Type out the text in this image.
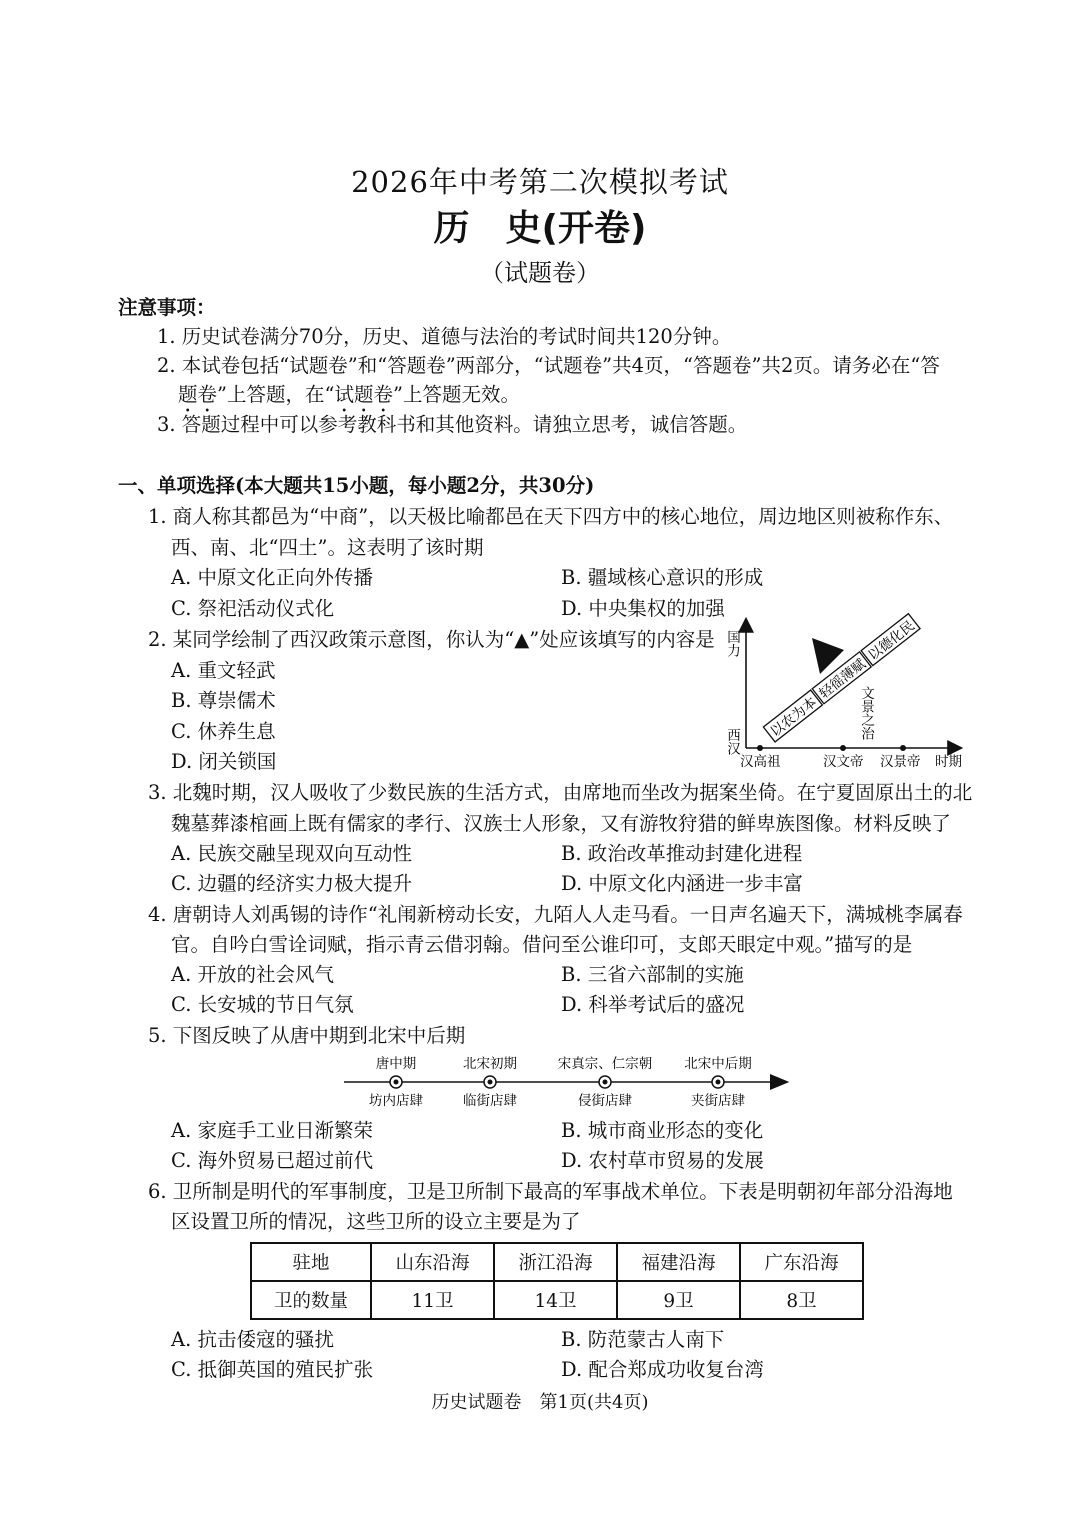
2026年中考第二次模拟考试
历　史(开卷)
（试题卷）
注意事项：
1. 历史试卷满分70分，历史、道德与法治的考试时间共120分钟。
2. 本试卷包括“试题卷”和“答题卷”两部分，“试题卷”共4页，“答题卷”共2页。请务必在“答
题卷”上答题，在“试题卷”上答题无效。
3. 答题过程中可以参考教科书和其他资料。请独立思考，诚信答题。
一、单项选择(本大题共15小题，每小题2分，共30分)
1. 商人称其都邑为“中商”，以天极比喻都邑在天下四方中的核心地位，周边地区则被称作东、
西、南、北“四土”。这表明了该时期
A. 中原文化正向外传播	B. 疆域核心意识的形成
C. 祭祀活动仪式化	D. 中央集权的加强
2. 某同学绘制了西汉政策示意图，你认为“▲”处应该填写的内容是
A. 重文轻武
B. 尊崇儒术
C. 休养生息
D. 闭关锁国
国力
西汉
汉高祖	汉文帝 汉景帝 时期
文景之治
以农为本
轻徭薄赋
以德化民
3. 北魏时期，汉人吸收了少数民族的生活方式，由席地而坐改为据案坐倚。在宁夏固原出土的北
魏墓葬漆棺画上既有儒家的孝行、汉族士人形象，又有游牧狩猎的鲜卑族图像。材料反映了
A. 民族交融呈现双向互动性	B. 政治改革推动封建化进程
C. 边疆的经济实力极大提升	D. 中原文化内涵进一步丰富
4. 唐朝诗人刘禹锡的诗作“礼闱新榜动长安，九陌人人走马看。一日声名遍天下，满城桃李属春
官。自吟白雪诠词赋，指示青云借羽翰。借问至公谁印可，支郎天眼定中观。”描写的是
A. 开放的社会风气	B. 三省六部制的实施
C. 长安城的节日气氛	D. 科举考试后的盛况
5. 下图反映了从唐中期到北宋中后期
唐中期	北宋初期	宋真宗、仁宗朝 北宋中后期
坊内店肆	临街店肆	侵街店肆	夹街店肆
A. 家庭手工业日渐繁荣	B. 城市商业形态的变化
C. 海外贸易已超过前代	D. 农村草市贸易的发展
6. 卫所制是明代的军事制度，卫是卫所制下最高的军事战术单位。下表是明朝初年部分沿海地
区设置卫所的情况，这些卫所的设立主要是为了
驻地	山东沿海	浙江沿海	福建沿海	广东沿海
卫的数量	11卫	14卫	9卫	8卫
A. 抗击倭寇的骚扰	B. 防范蒙古人南下
C. 抵御英国的殖民扩张	D. 配合郑成功收复台湾
历史试题卷　第1页(共4页)
